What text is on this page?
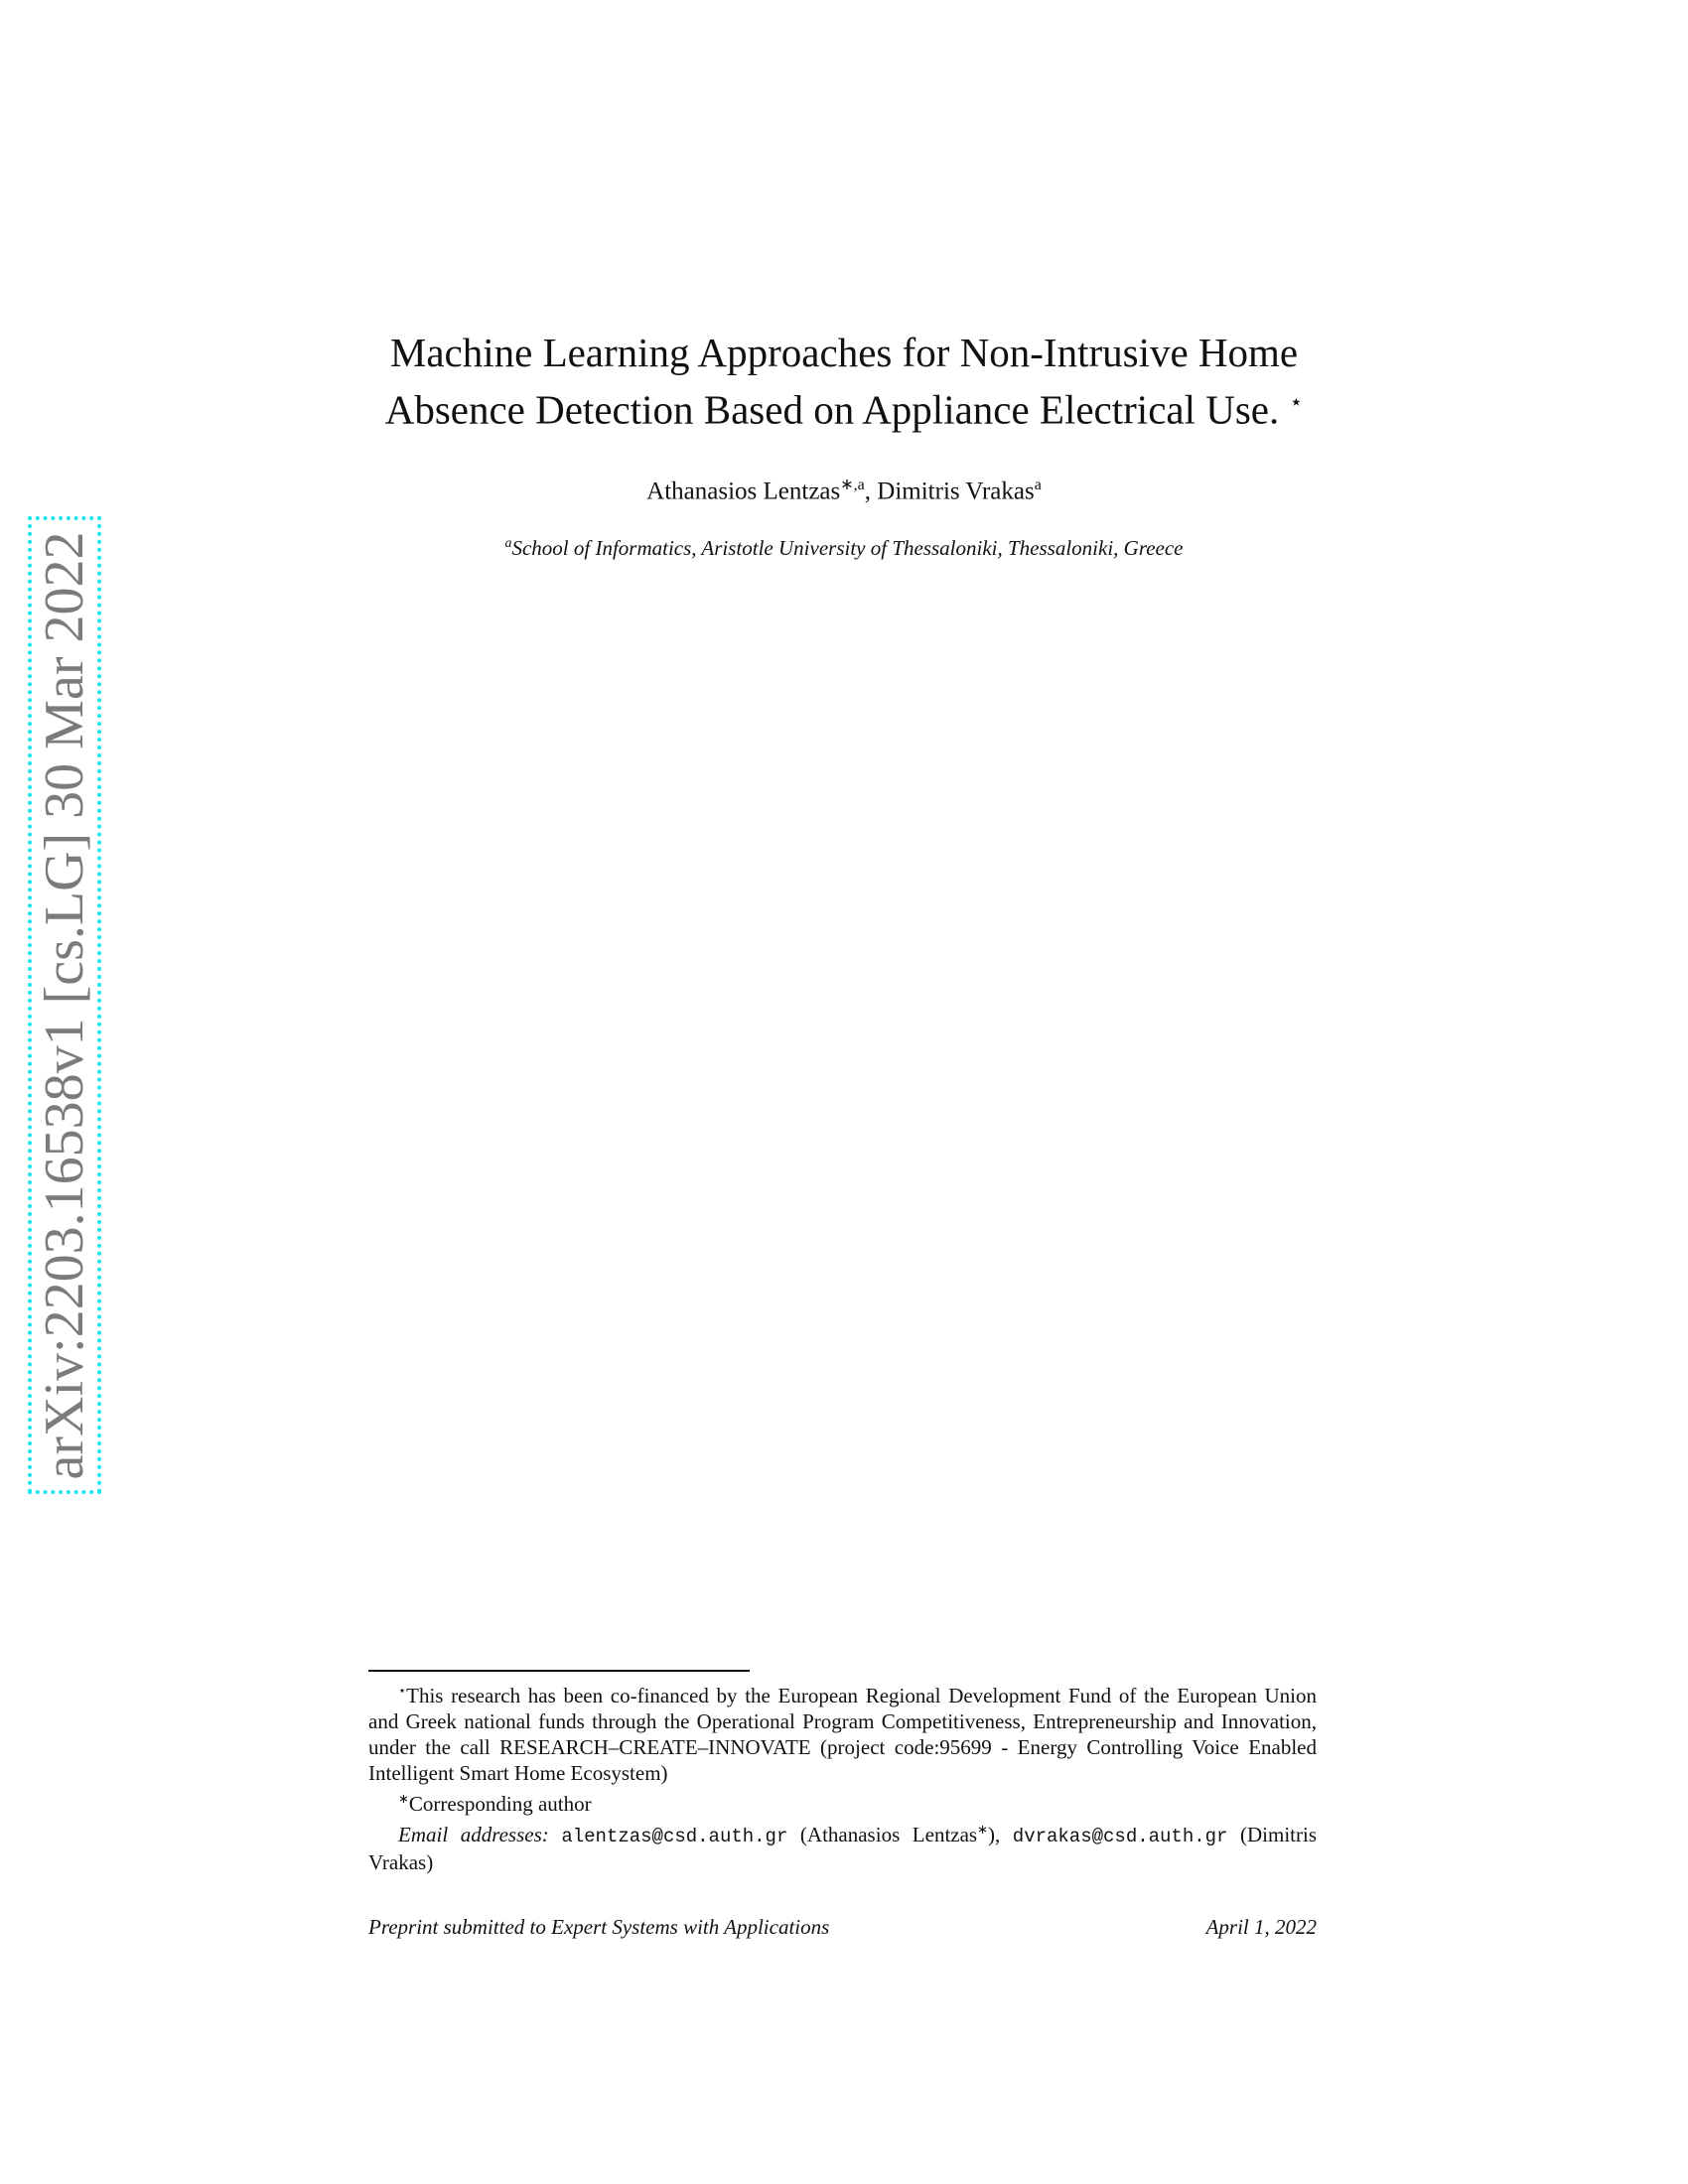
arXiv:2203.16538v1 [cs.LG] 30 Mar 2022
Machine Learning Approaches for Non-Intrusive Home
Absence Detection Based on Appliance Electrical Use. ⋆
Athanasios Lentzas$^{∗,a}$, Dimitris Vrakas$^a$
$^a$School of Informatics, Aristotle University of Thessaloniki, Thessaloniki, Greece

⋆This research has been co-financed by the European Regional Development Fund of the European Union and Greek national funds through the Operational Program Competitiveness, Entrepreneurship and Innovation, under the call RESEARCH–CREATE–INNOVATE (project code:95699 - Energy Controlling Voice Enabled Intelligent Smart Home Ecosystem)

∗Corresponding author

Email addresses: alentzas@csd.auth.gr (Athanasios Lentzas∗), dvrakas@csd.auth.gr (Dimitris Vrakas)

Preprint submitted to Expert Systems with Applications	April 1, 2022
